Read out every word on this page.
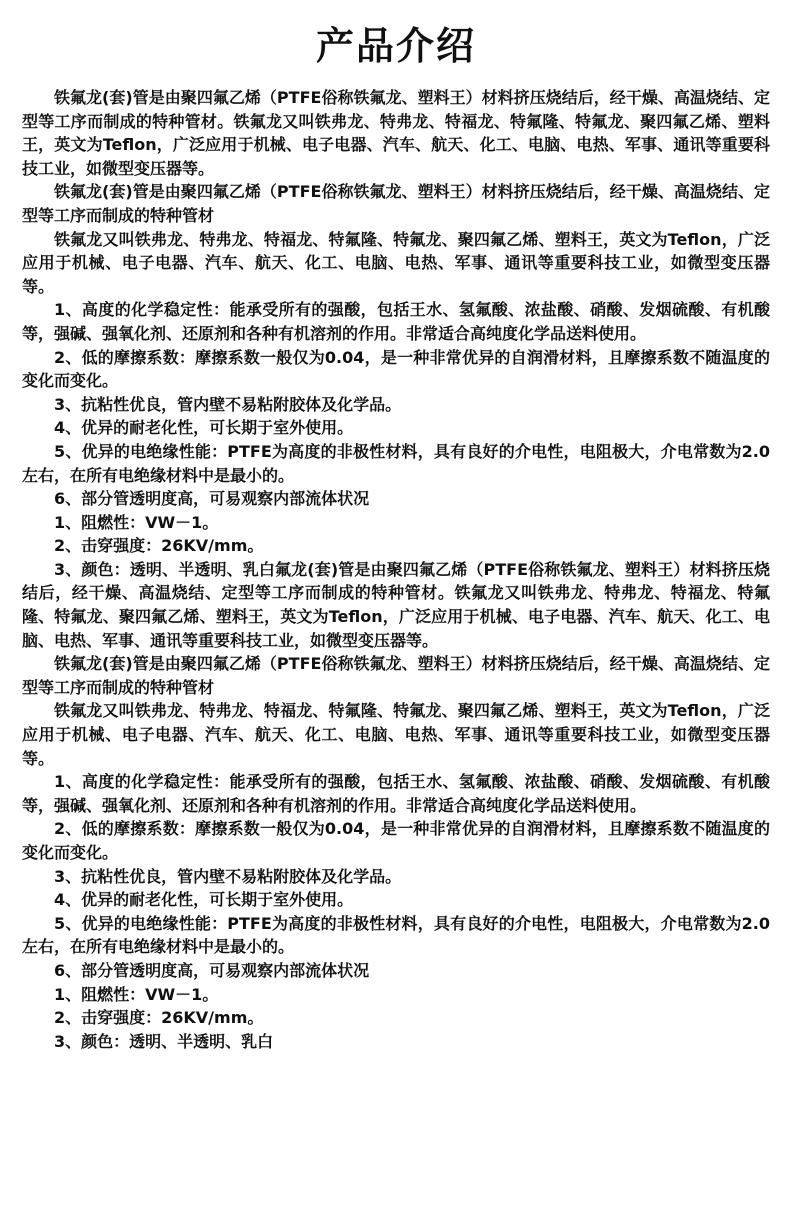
产品介绍

铁氟龙(套)管是由聚四氟乙烯（PTFE俗称铁氟龙、塑料王）材料挤压烧结后，经干燥、高温烧结、定型等工序而制成的特种管材。铁氟龙又叫铁弗龙、特弗龙、特福龙、特氟隆、特氟龙、聚四氟乙烯、塑料王，英文为Teflon，广泛应用于机械、电子电器、汽车、航天、化工、电脑、电热、军事、通讯等重要科技工业，如微型变压器等。

铁氟龙(套)管是由聚四氟乙烯（PTFE俗称铁氟龙、塑料王）材料挤压烧结后，经干燥、高温烧结、定型等工序而制成的特种管材

铁氟龙又叫铁弗龙、特弗龙、特福龙、特氟隆、特氟龙、聚四氟乙烯、塑料王，英文为Teflon，广泛应用于机械、电子电器、汽车、航天、化工、电脑、电热、军事、通讯等重要科技工业，如微型变压器等。

1、高度的化学稳定性：能承受所有的强酸，包括王水、氢氟酸、浓盐酸、硝酸、发烟硫酸、有机酸等，强碱、强氧化剂、还原剂和各种有机溶剂的作用。非常适合高纯度化学品送料使用。

2、低的摩擦系数：摩擦系数一般仅为0.04，是一种非常优异的自润滑材料，且摩擦系数不随温度的变化而变化。

3、抗粘性优良，管内壁不易粘附胶体及化学品。

4、优异的耐老化性，可长期于室外使用。

5、优异的电绝缘性能：PTFE为高度的非极性材料，具有良好的介电性，电阻极大，介电常数为2.0左右，在所有电绝缘材料中是最小的。

6、部分管透明度高，可易观察内部流体状况

1、阻燃性：VW－1。

2、击穿强度：26KV/mm。

3、颜色：透明、半透明、乳白氟龙(套)管是由聚四氟乙烯（PTFE俗称铁氟龙、塑料王）材料挤压烧结后，经干燥、高温烧结、定型等工序而制成的特种管材。铁氟龙又叫铁弗龙、特弗龙、特福龙、特氟隆、特氟龙、聚四氟乙烯、塑料王，英文为Teflon，广泛应用于机械、电子电器、汽车、航天、化工、电脑、电热、军事、通讯等重要科技工业，如微型变压器等。

铁氟龙(套)管是由聚四氟乙烯（PTFE俗称铁氟龙、塑料王）材料挤压烧结后，经干燥、高温烧结、定型等工序而制成的特种管材

铁氟龙又叫铁弗龙、特弗龙、特福龙、特氟隆、特氟龙、聚四氟乙烯、塑料王，英文为Teflon，广泛应用于机械、电子电器、汽车、航天、化工、电脑、电热、军事、通讯等重要科技工业，如微型变压器等。

1、高度的化学稳定性：能承受所有的强酸，包括王水、氢氟酸、浓盐酸、硝酸、发烟硫酸、有机酸等，强碱、强氧化剂、还原剂和各种有机溶剂的作用。非常适合高纯度化学品送料使用。

2、低的摩擦系数：摩擦系数一般仅为0.04，是一种非常优异的自润滑材料，且摩擦系数不随温度的变化而变化。

3、抗粘性优良，管内壁不易粘附胶体及化学品。

4、优异的耐老化性，可长期于室外使用。

5、优异的电绝缘性能：PTFE为高度的非极性材料，具有良好的介电性，电阻极大，介电常数为2.0左右，在所有电绝缘材料中是最小的。

6、部分管透明度高，可易观察内部流体状况

1、阻燃性：VW－1。

2、击穿强度：26KV/mm。

3、颜色：透明、半透明、乳白
